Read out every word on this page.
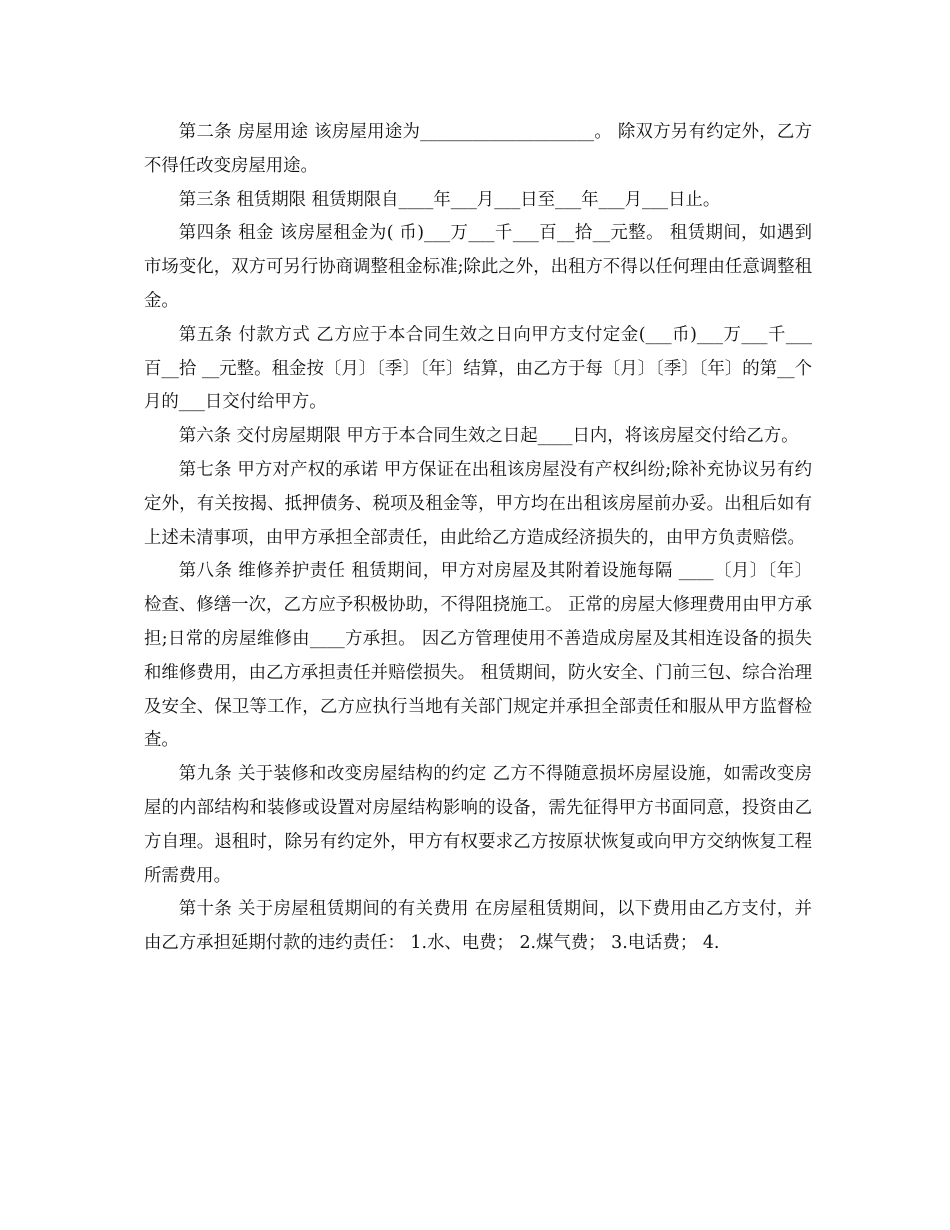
第二条 房屋用途 该房屋用途为____________________。 除双方另有约定外，乙方不得任改变房屋用途。

第三条 租赁期限 租赁期限自____年___月___日至___年___月___日止。

第四条 租金 该房屋租金为( 币)___万___千___百__拾__元整。 租赁期间，如遇到市场变化，双方可另行协商调整租金标准;除此之外，出租方不得以任何理由任意调整租金。

第五条 付款方式 乙方应于本合同生效之日向甲方支付定金(___币)___万___千___百__拾 __元整。租金按〔月〕〔季〕〔年〕结算，由乙方于每〔月〕〔季〕〔年〕的第__个月的___日交付给甲方。

第六条 交付房屋期限 甲方于本合同生效之日起____日内，将该房屋交付给乙方。

第七条 甲方对产权的承诺 甲方保证在出租该房屋没有产权纠纷;除补充协议另有约定外，有关按揭、抵押债务、税项及租金等，甲方均在出租该房屋前办妥。出租后如有上述未清事项，由甲方承担全部责任，由此给乙方造成经济损失的，由甲方负责赔偿。

第八条 维修养护责任 租赁期间，甲方对房屋及其附着设施每隔 ____〔月〕〔年〕检查、修缮一次，乙方应予积极协助，不得阻挠施工。 正常的房屋大修理费用由甲方承担;日常的房屋维修由____方承担。 因乙方管理使用不善造成房屋及其相连设备的损失和维修费用，由乙方承担责任并赔偿损失。 租赁期间，防火安全、门前三包、综合治理及安全、保卫等工作，乙方应执行当地有关部门规定并承担全部责任和服从甲方监督检查。

第九条 关于装修和改变房屋结构的约定 乙方不得随意损坏房屋设施，如需改变房屋的内部结构和装修或设置对房屋结构影响的设备，需先征得甲方书面同意，投资由乙方自理。退租时，除另有约定外，甲方有权要求乙方按原状恢复或向甲方交纳恢复工程所需费用。

第十条 关于房屋租赁期间的有关费用 在房屋租赁期间，以下费用由乙方支付，并由乙方承担延期付款的违约责任： 1.水、电费； 2.煤气费； 3.电话费； 4.
